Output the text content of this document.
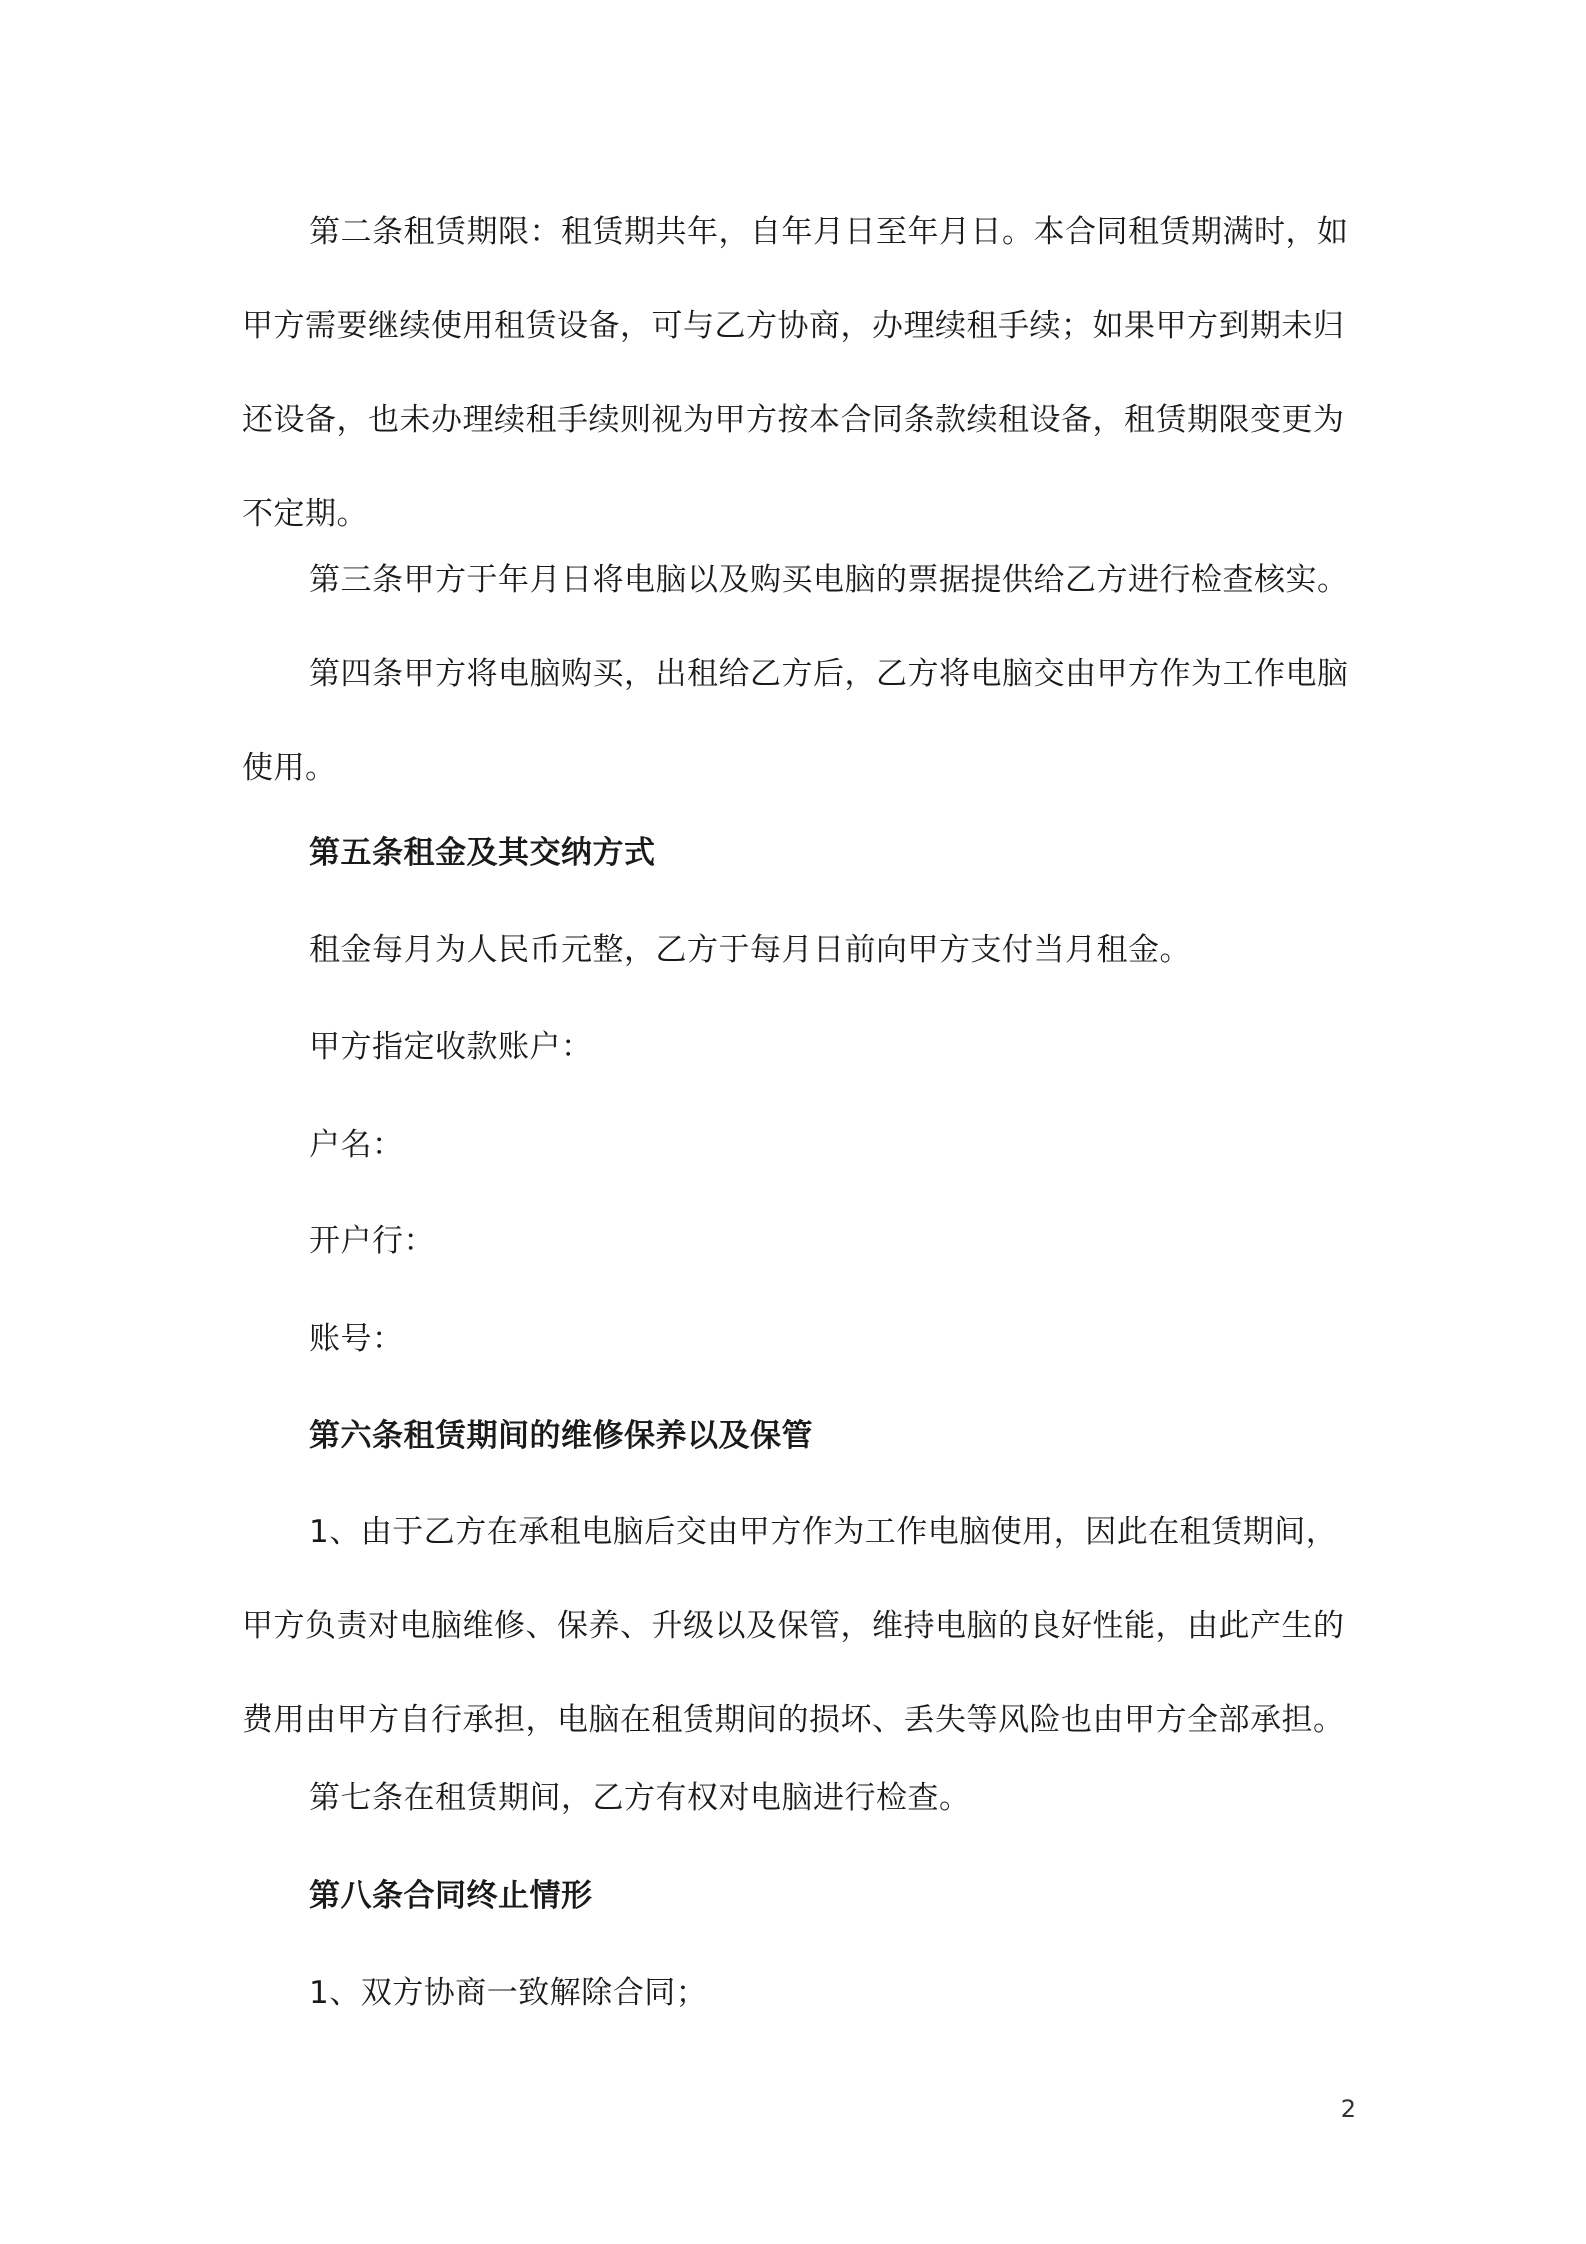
第二条租赁期限：租赁期共年，自年月日至年月日。本合同租赁期满时，如甲方需要继续使用租赁设备，可与乙方协商，办理续租手续；如果甲方到期未归还设备，也未办理续租手续则视为甲方按本合同条款续租设备，租赁期限变更为不定期。

第三条甲方于年月日将电脑以及购买电脑的票据提供给乙方进行检查核实。

第四条甲方将电脑购买，出租给乙方后，乙方将电脑交由甲方作为工作电脑使用。

第五条租金及其交纳方式

租金每月为人民币元整，乙方于每月日前向甲方支付当月租金。

甲方指定收款账户：

户名：

开户行：

账号：

第六条租赁期间的维修保养以及保管

1、由于乙方在承租电脑后交由甲方作为工作电脑使用，因此在租赁期间，甲方负责对电脑维修、保养、升级以及保管，维持电脑的良好性能，由此产生的费用由甲方自行承担，电脑在租赁期间的损坏、丢失等风险也由甲方全部承担。

第七条在租赁期间，乙方有权对电脑进行检查。

第八条合同终止情形

1、双方协商一致解除合同；

2
